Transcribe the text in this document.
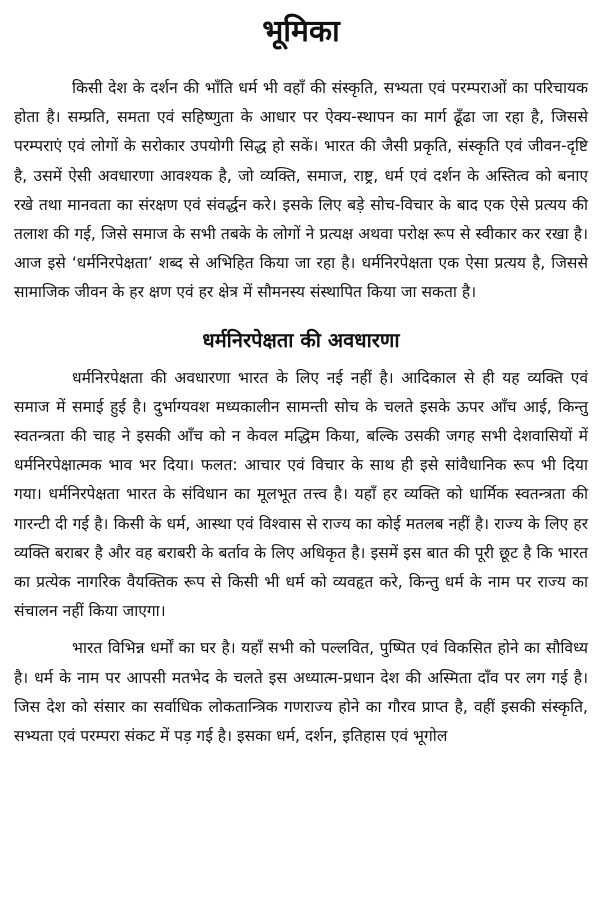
भूमिका

किसी देश के दर्शन की भाँति धर्म भी वहाँ की संस्कृति, सभ्यता एवं परम्पराओं का परिचायक होता है। सम्प्रति, समता एवं सहिष्णुता के आधार पर ऐक्य-स्थापन का मार्ग ढूँढा जा रहा है, जिससे परम्पराएं एवं लोगों के सरोकार उपयोगी सिद्ध हो सकें। भारत की जैसी प्रकृति, संस्कृति एवं जीवन-दृष्टि है, उसमें ऐसी अवधारणा आवश्यक है, जो व्यक्ति, समाज, राष्ट्र, धर्म एवं दर्शन के अस्तित्व को बनाए रखे तथा मानवता का संरक्षण एवं संवर्द्धन करे। इसके लिए बड़े सोच-विचार के बाद एक ऐसे प्रत्यय की तलाश की गई, जिसे समाज के सभी तबके के लोगों ने प्रत्यक्ष अथवा परोक्ष रूप से स्वीकार कर रखा है। आज इसे ‘धर्मनिरपेक्षता’ शब्द से अभिहित किया जा रहा है। धर्मनिरपेक्षता एक ऐसा प्रत्यय है, जिससे सामाजिक जीवन के हर क्षण एवं हर क्षेत्र में सौमनस्य संस्थापित किया जा सकता है।

धर्मनिरपेक्षता की अवधारणा

धर्मनिरपेक्षता की अवधारणा भारत के लिए नई नहीं है। आदिकाल से ही यह व्यक्ति एवं समाज में समाई हुई है। दुर्भाग्यवश मध्यकालीन सामन्ती सोच के चलते इसके ऊपर आँच आई, किन्तु स्वतन्त्रता की चाह ने इसकी आँच को न केवल मद्धिम किया, बल्कि उसकी जगह सभी देशवासियों में धर्मनिरपेक्षात्मक भाव भर दिया। फलत: आचार एवं विचार के साथ ही इसे सांवैधानिक रूप भी दिया गया। धर्मनिरपेक्षता भारत के संविधान का मूलभूत तत्त्व है। यहाँ हर व्यक्ति को धार्मिक स्वतन्त्रता की गारन्टी दी गई है। किसी के धर्म, आस्था एवं विश्वास से राज्य का कोई मतलब नहीं है। राज्य के लिए हर व्यक्ति बराबर है और वह बराबरी के बर्ताव के लिए अधिकृत है। इसमें इस बात की पूरी छूट है कि भारत का प्रत्येक नागरिक वैयक्तिक रूप से किसी भी धर्म को व्यवहृत करे, किन्तु धर्म के नाम पर राज्य का संचालन नहीं किया जाएगा।

भारत विभिन्न धर्मों का घर है। यहाँ सभी को पल्लवित, पुष्पित एवं विकसित होने का सौविध्य है। धर्म के नाम पर आपसी मतभेद के चलते इस अध्यात्म-प्रधान देश की अस्मिता दाँव पर लग गई है। जिस देश को संसार का सर्वाधिक लोकतान्त्रिक गणराज्य होने का गौरव प्राप्त है, वहीं इसकी संस्कृति, सभ्यता एवं परम्परा संकट में पड़ गई है। इसका धर्म, दर्शन, इतिहास एवं भूगोल
